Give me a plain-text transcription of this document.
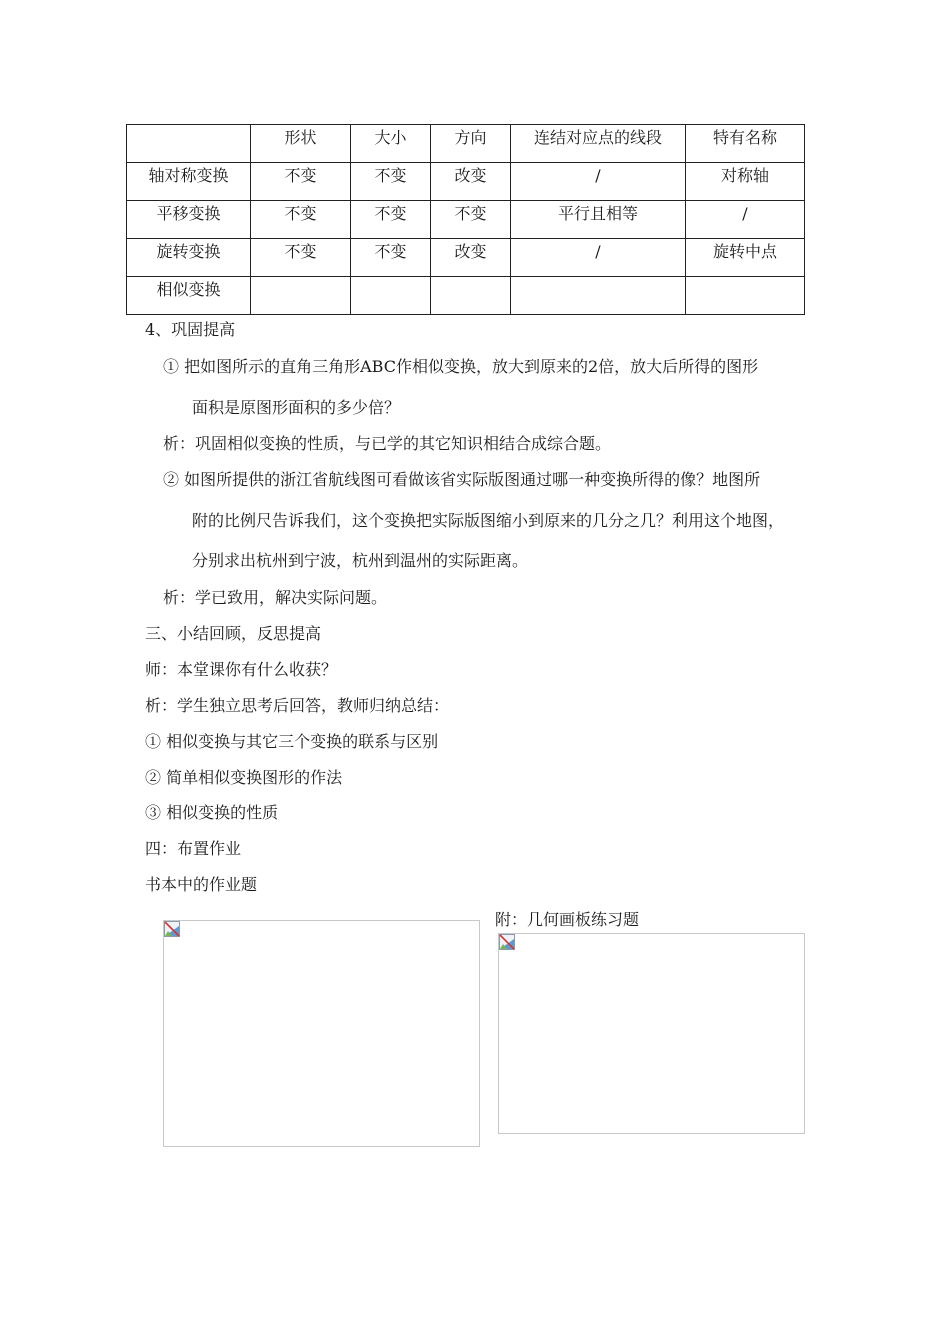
	形状	大小	方向	连结对应点的线段	特有名称
轴对称变换	不变	不变	改变	/	对称轴
平移变换	不变	不变	不变	平行且相等	/
旋转变换	不变	不变	改变	/	旋转中点
相似变换					
4、巩固提高
① 把如图所示的直角三角形ABC作相似变换，放大到原来的2倍，放大后所得的图形
面积是原图形面积的多少倍？
析：巩固相似变换的性质，与已学的其它知识相结合成综合题。
② 如图所提供的浙江省航线图可看做该省实际版图通过哪一种变换所得的像？地图所
附的比例尺告诉我们，这个变换把实际版图缩小到原来的几分之几？利用这个地图，
分别求出杭州到宁波，杭州到温州的实际距离。
析：学已致用，解决实际问题。
三、小结回顾，反思提高
师：本堂课你有什么收获？
析：学生独立思考后回答，教师归纳总结：
① 相似变换与其它三个变换的联系与区别
② 简单相似变换图形的作法
③ 相似变换的性质
四：布置作业
书本中的作业题
附：几何画板练习题
